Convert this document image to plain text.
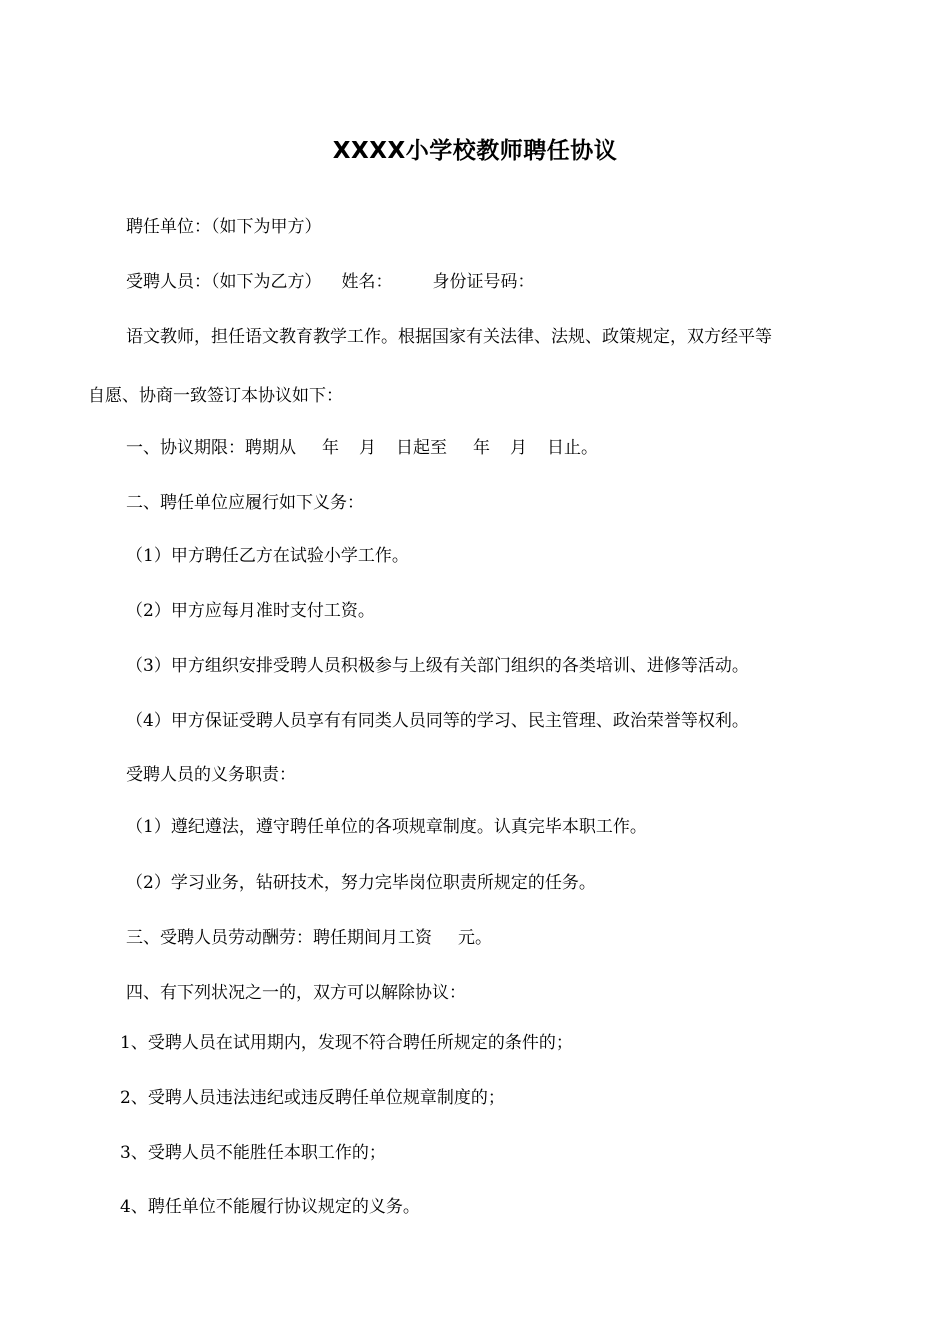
XXXX小学校教师聘任协议
聘任单位：（如下为甲方）
受聘人员：（如下为乙方） 姓名： 身份证号码：
语文教师，担任语文教育教学工作。根据国家有关法律、法规、政策规定，双方经平等
自愿、协商一致签订本协议如下：
一、协议期限：聘期从 年 月 日起至 年 月 日止。
二、聘任单位应履行如下义务：
（1）甲方聘任乙方在试验小学工作。
（2）甲方应每月准时支付工资。
（3）甲方组织安排受聘人员积极参与上级有关部门组织的各类培训、进修等活动。
（4）甲方保证受聘人员享有有同类人员同等的学习、民主管理、政治荣誉等权利。
受聘人员的义务职责：
（1）遵纪遵法，遵守聘任单位的各项规章制度。认真完毕本职工作。
（2）学习业务，钻研技术，努力完毕岗位职责所规定的任务。
三、受聘人员劳动酬劳：聘任期间月工资 元。
四、有下列状况之一的，双方可以解除协议：
1、受聘人员在试用期内，发现不符合聘任所规定的条件的；
2、受聘人员违法违纪或违反聘任单位规章制度的；
3、受聘人员不能胜任本职工作的；
4、聘任单位不能履行协议规定的义务。
